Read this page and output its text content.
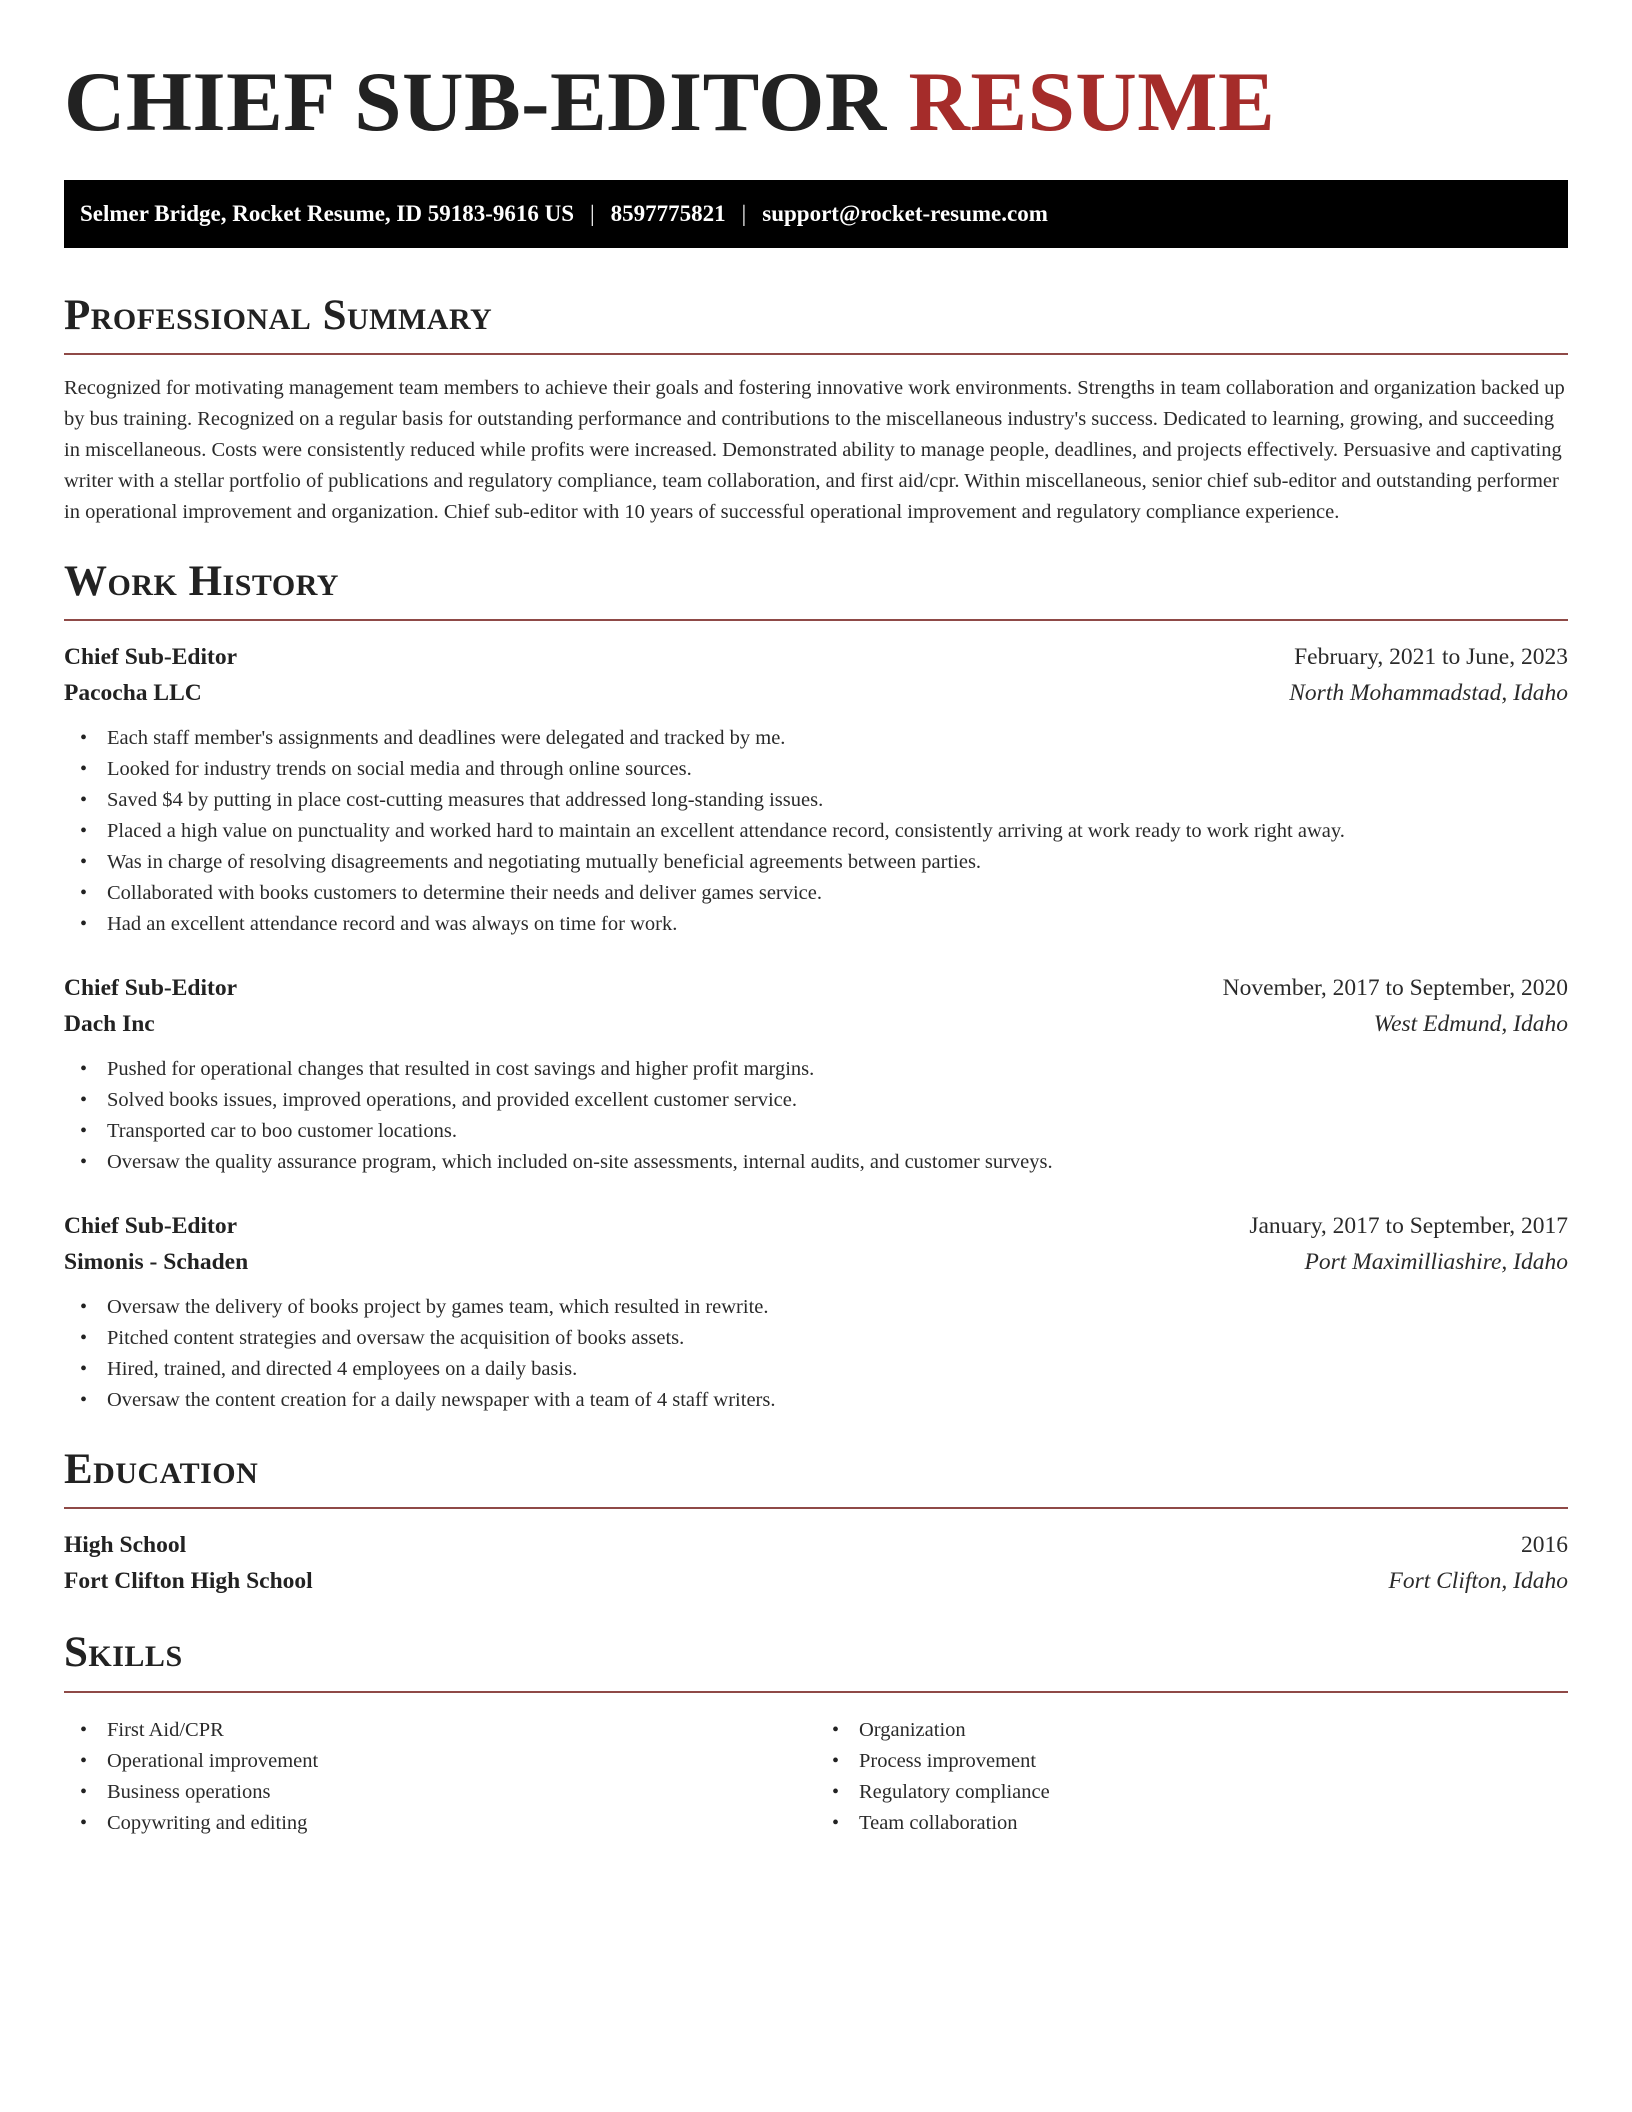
CHIEF SUB-EDITOR RESUME
Selmer Bridge, Rocket Resume, ID 59183-9616 US | 8597775821 | support@rocket-resume.com
Professional Summary

Recognized for motivating management team members to achieve their goals and fostering innovative work environments. Strengths in team collaboration and organization backed up by bus training. Recognized on a regular basis for outstanding performance and contributions to the miscellaneous industry's success. Dedicated to learning, growing, and succeeding in miscellaneous. Costs were consistently reduced while profits were increased. Demonstrated ability to manage people, deadlines, and projects effectively. Persuasive and captivating writer with a stellar portfolio of publications and regulatory compliance, team collaboration, and first aid/cpr. Within miscellaneous, senior chief sub-editor and outstanding performer in operational improvement and organization. Chief sub-editor with 10 years of successful operational improvement and regulatory compliance experience.

Work History
Chief Sub-Editor	February, 2021 to June, 2023
Pacocha LLC	North Mohammadstad, Idaho
• Each staff member's assignments and deadlines were delegated and tracked by me.
• Looked for industry trends on social media and through online sources.
• Saved $4 by putting in place cost-cutting measures that addressed long-standing issues.
• Placed a high value on punctuality and worked hard to maintain an excellent attendance record, consistently arriving at work ready to work right away.
• Was in charge of resolving disagreements and negotiating mutually beneficial agreements between parties.
• Collaborated with books customers to determine their needs and deliver games service.
• Had an excellent attendance record and was always on time for work.
Chief Sub-Editor	November, 2017 to September, 2020
Dach Inc	West Edmund, Idaho
• Pushed for operational changes that resulted in cost savings and higher profit margins.
• Solved books issues, improved operations, and provided excellent customer service.
• Transported car to boo customer locations.
• Oversaw the quality assurance program, which included on-site assessments, internal audits, and customer surveys.
Chief Sub-Editor	January, 2017 to September, 2017
Simonis - Schaden	Port Maximilliashire, Idaho
• Oversaw the delivery of books project by games team, which resulted in rewrite.
• Pitched content strategies and oversaw the acquisition of books assets.
• Hired, trained, and directed 4 employees on a daily basis.
• Oversaw the content creation for a daily newspaper with a team of 4 staff writers.
Education
High School	2016
Fort Clifton High School	Fort Clifton, Idaho
Skills
• First Aid/CPR
• Operational improvement
• Business operations
• Copywriting and editing
• Organization
• Process improvement
• Regulatory compliance
• Team collaboration
